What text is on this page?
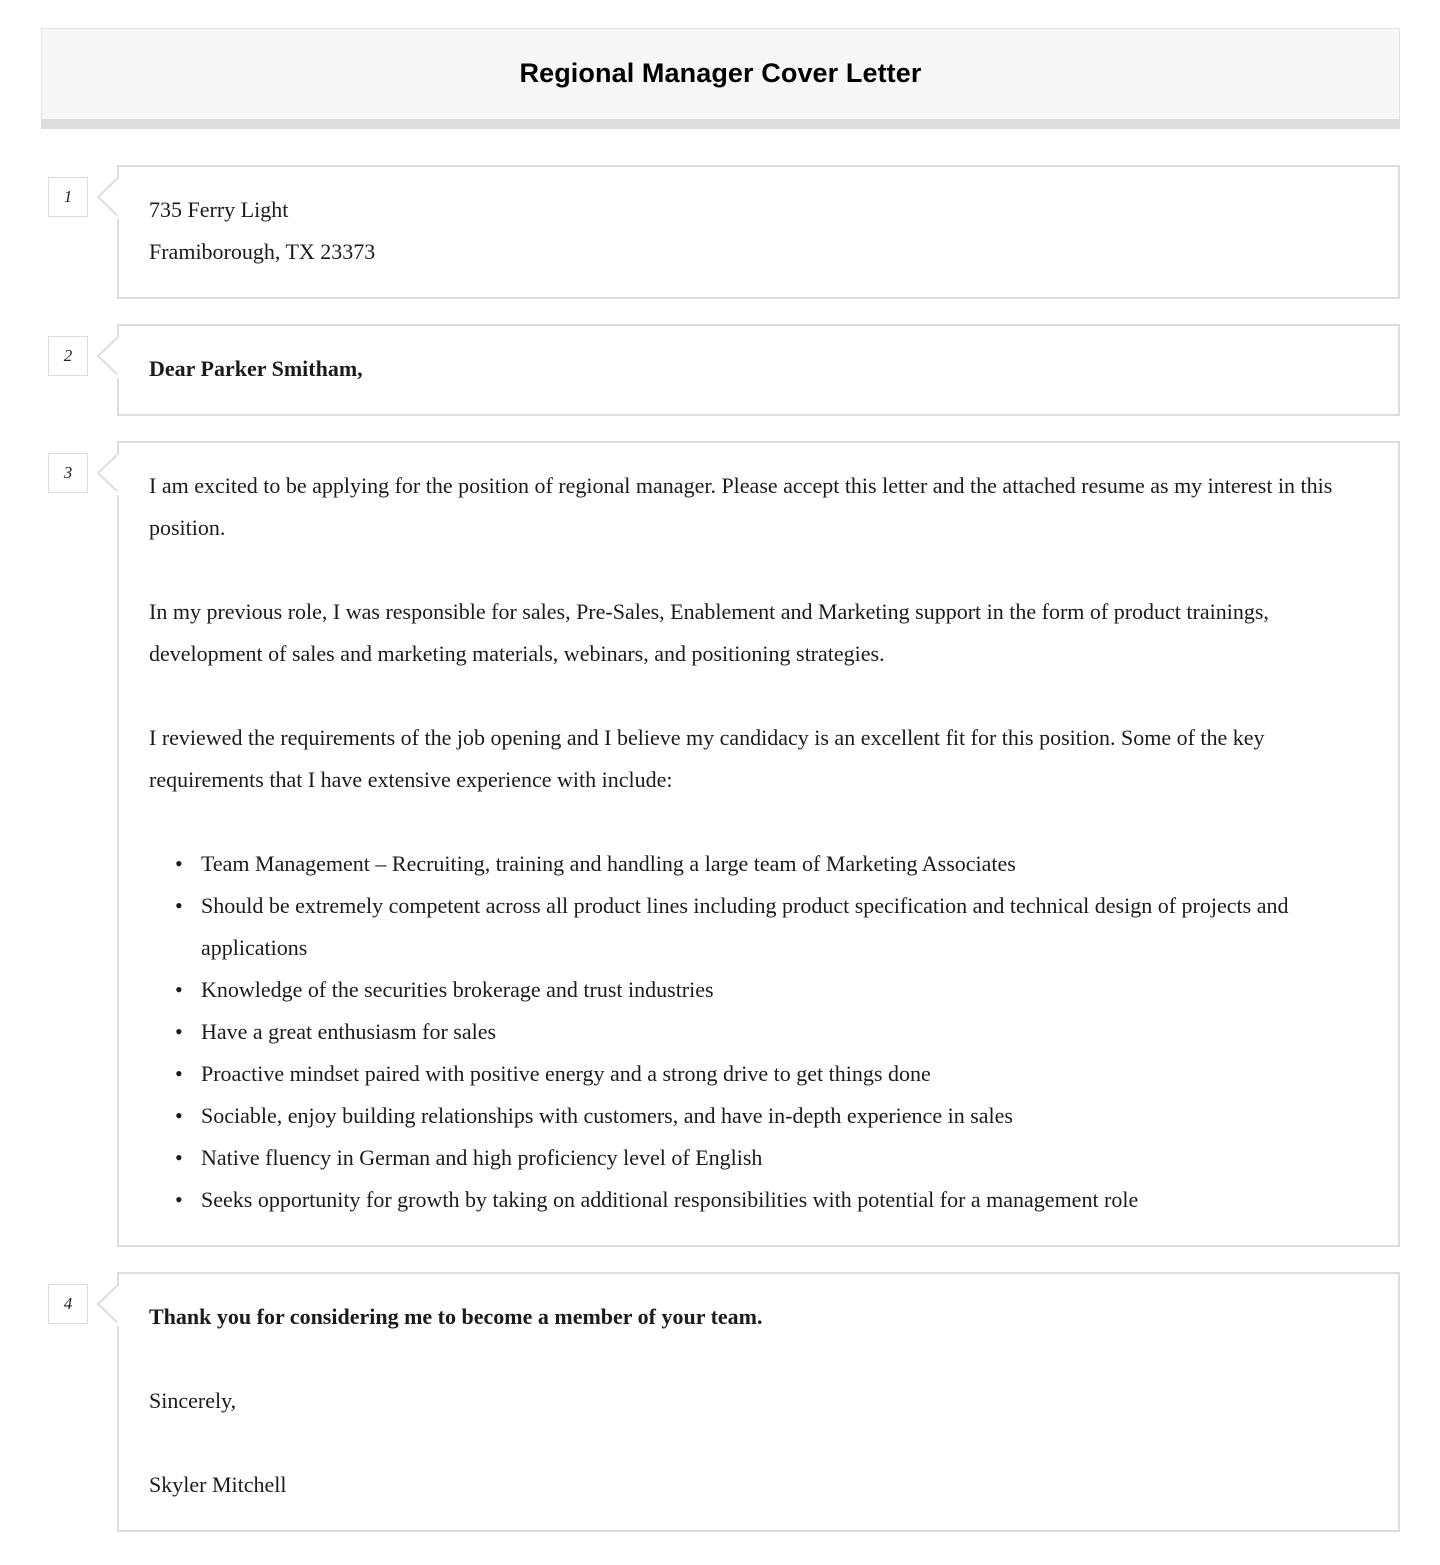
Regional Manager Cover Letter
1

735 Ferry Light

Framiborough, TX 23373

2

Dear Parker Smitham,

3

I am excited to be applying for the position of regional manager. Please accept this letter and the attached resume as my interest in this position.

In my previous role, I was responsible for sales, Pre-Sales, Enablement and Marketing support in the form of product trainings, development of sales and marketing materials, webinars, and positioning strategies.

I reviewed the requirements of the job opening and I believe my candidacy is an excellent fit for this position. Some of the key requirements that I have extensive experience with include:

• Team Management – Recruiting, training and handling a large team of Marketing Associates
• Should be extremely competent across all product lines including product specification and technical design of projects and applications
• Knowledge of the securities brokerage and trust industries
• Have a great enthusiasm for sales
• Proactive mindset paired with positive energy and a strong drive to get things done
• Sociable, enjoy building relationships with customers, and have in-depth experience in sales
• Native fluency in German and high proficiency level of English
• Seeks opportunity for growth by taking on additional responsibilities with potential for a management role
4

Thank you for considering me to become a member of your team.

Sincerely,

Skyler Mitchell
